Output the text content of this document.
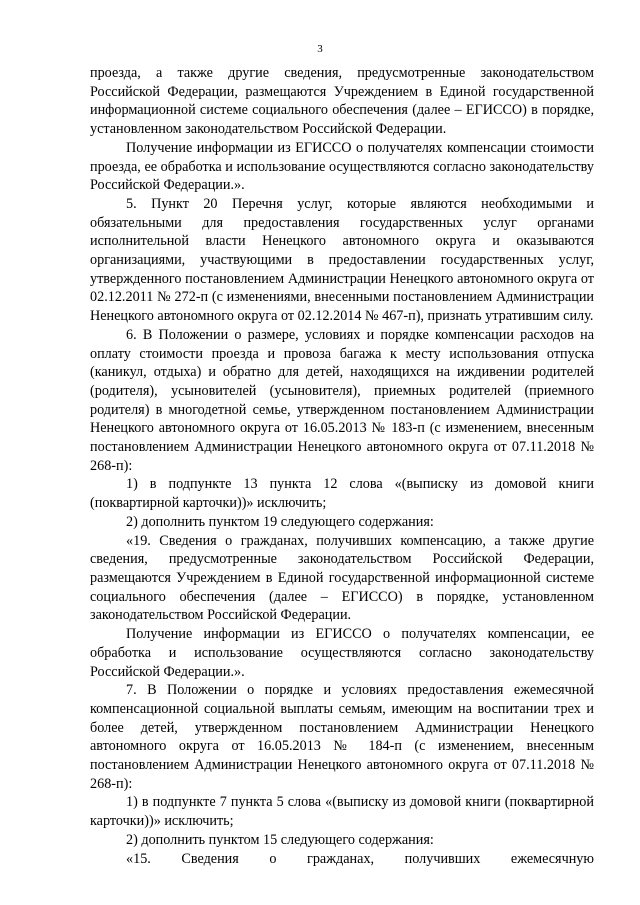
3

проезда, а также другие сведения, предусмотренные законодательством Российской Федерации, размещаются Учреждением в Единой государственной информационной системе социального обеспечения (далее – ЕГИССО) в порядке, установленном законодательством Российской Федерации.

Получение информации из ЕГИССО о получателях компенсации стоимости проезда, ее обработка и использование осуществляются согласно законодательству Российской Федерации.».

5. Пункт 20 Перечня услуг, которые являются необходимыми и обязательными для предоставления государственных услуг органами исполнительной власти Ненецкого автономного округа и оказываются организациями, участвующими в предоставлении государственных услуг, утвержденного постановлением Администрации Ненецкого автономного округа от 02.12.2011 № 272-п (с изменениями, внесенными постановлением Администрации Ненецкого автономного округа от 02.12.2014 № 467-п), признать утратившим силу.

6. В Положении о размере, условиях и порядке компенсации расходов на оплату стоимости проезда и провоза багажа к месту использования отпуска (каникул, отдыха) и обратно для детей, находящихся на иждивении родителей (родителя), усыновителей (усыновителя), приемных родителей (приемного родителя) в многодетной семье, утвержденном постановлением Администрации Ненецкого автономного округа от 16.05.2013 № 183-п (с изменением, внесенным постановлением Администрации Ненецкого автономного округа от 07.11.2018 № 268-п):

1) в подпункте 13 пункта 12 слова «(выписку из домовой книги (поквартирной карточки))» исключить;

2) дополнить пунктом 19 следующего содержания:

«19. Сведения о гражданах, получивших компенсацию, а также другие сведения, предусмотренные законодательством Российской Федерации, размещаются Учреждением в Единой государственной информационной системе социального обеспечения (далее – ЕГИССО) в порядке, установленном законодательством Российской Федерации.

Получение информации из ЕГИССО о получателях компенсации, ее обработка и использование осуществляются согласно законодательству Российской Федерации.».

7. В Положении о порядке и условиях предоставления ежемесячной компенсационной социальной выплаты семьям, имеющим на воспитании трех и более детей, утвержденном постановлением Администрации Ненецкого автономного округа от 16.05.2013 № 184-п (с изменением, внесенным постановлением Администрации Ненецкого автономного округа от 07.11.2018 № 268-п):

1) в подпункте 7 пункта 5 слова «(выписку из домовой книги (поквартирной карточки))» исключить;

2) дополнить пунктом 15 следующего содержания:

«15. Сведения о гражданах, получивших ежемесячную
